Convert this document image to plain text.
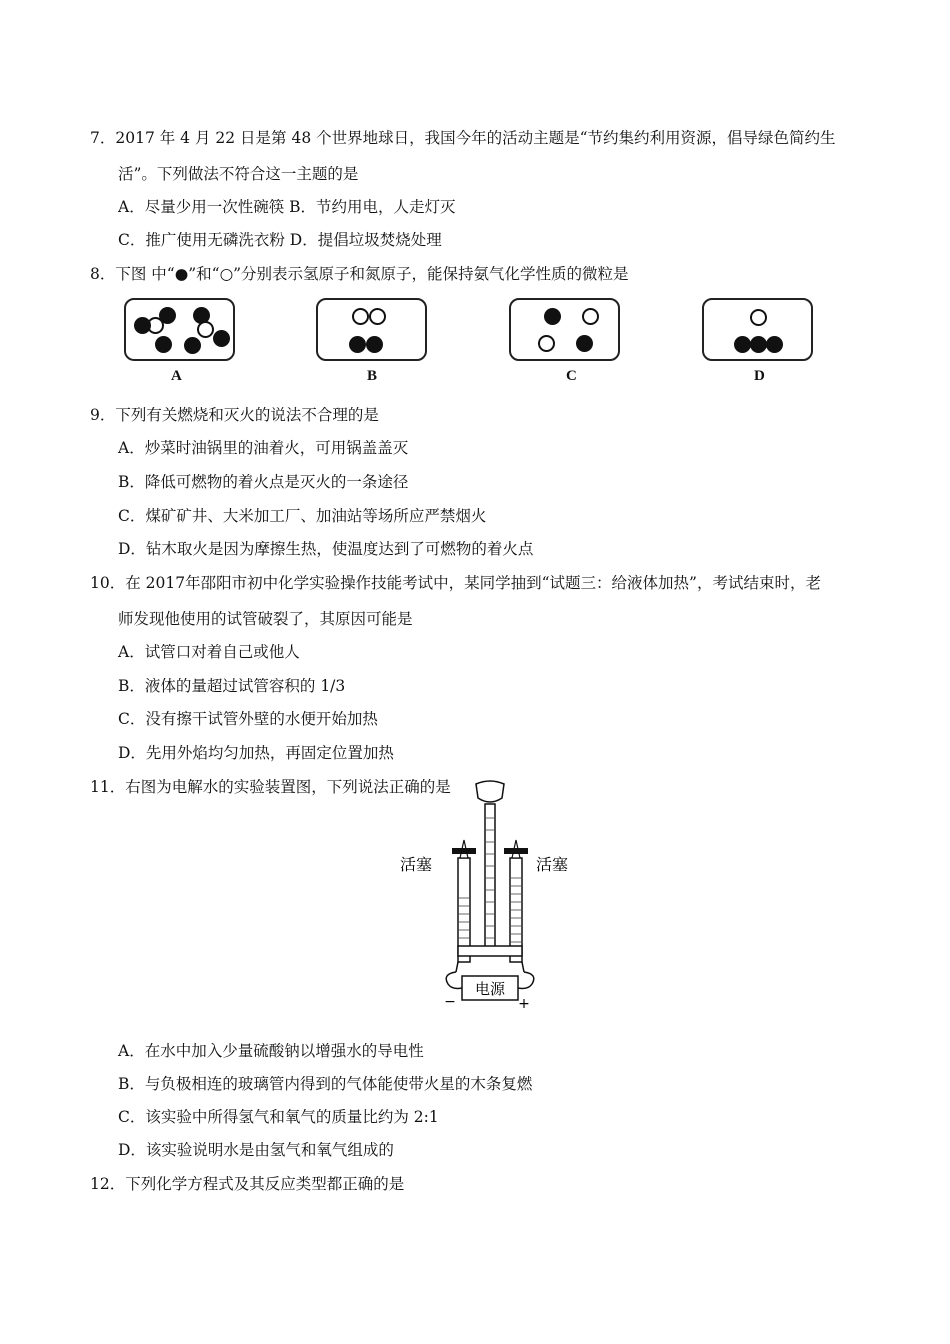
7．2017 年 4 月 22 日是第 48 个世界地球日，我国今年的活动主题是“节约集约利用资源，倡导绿色简约生
活”。下列做法不符合这一主题的是
A．尽量少用一次性碗筷 B．节约用电，人走灯灭
C．推广使用无磷洗衣粉 D．提倡垃圾焚烧处理
8．下图 中“●”和“○”分别表示氢原子和氮原子，能保持氨气化学性质的微粒是
A	B	C	D
9．下列有关燃烧和灭火的说法不合理的是
A．炒菜时油锅里的油着火，可用锅盖盖灭
B．降低可燃物的着火点是灭火的一条途径
C．煤矿矿井、大米加工厂、加油站等场所应严禁烟火
D．钻木取火是因为摩擦生热，使温度达到了可燃物的着火点
10．在 2017年邵阳市初中化学实验操作技能考试中，某同学抽到“试题三：给液体加热”，考试结束时，老
师发现他使用的试管破裂了，其原因可能是
A．试管口对着自己或他人
B．液体的量超过试管容积的 1/3
C．没有擦干试管外壁的水便开始加热
D．先用外焰均匀加热，再固定位置加热
11．右图为电解水的实验装置图，下列说法正确的是
电源
−	+
活塞	活塞
A．在水中加入少量硫酸钠以增强水的导电性
B．与负极相连的玻璃管内得到的气体能使带火星的木条复燃
C．该实验中所得氢气和氧气的质量比约为 2:1
D．该实验说明水是由氢气和氧气组成的
12．下列化学方程式及其反应类型都正确的是
